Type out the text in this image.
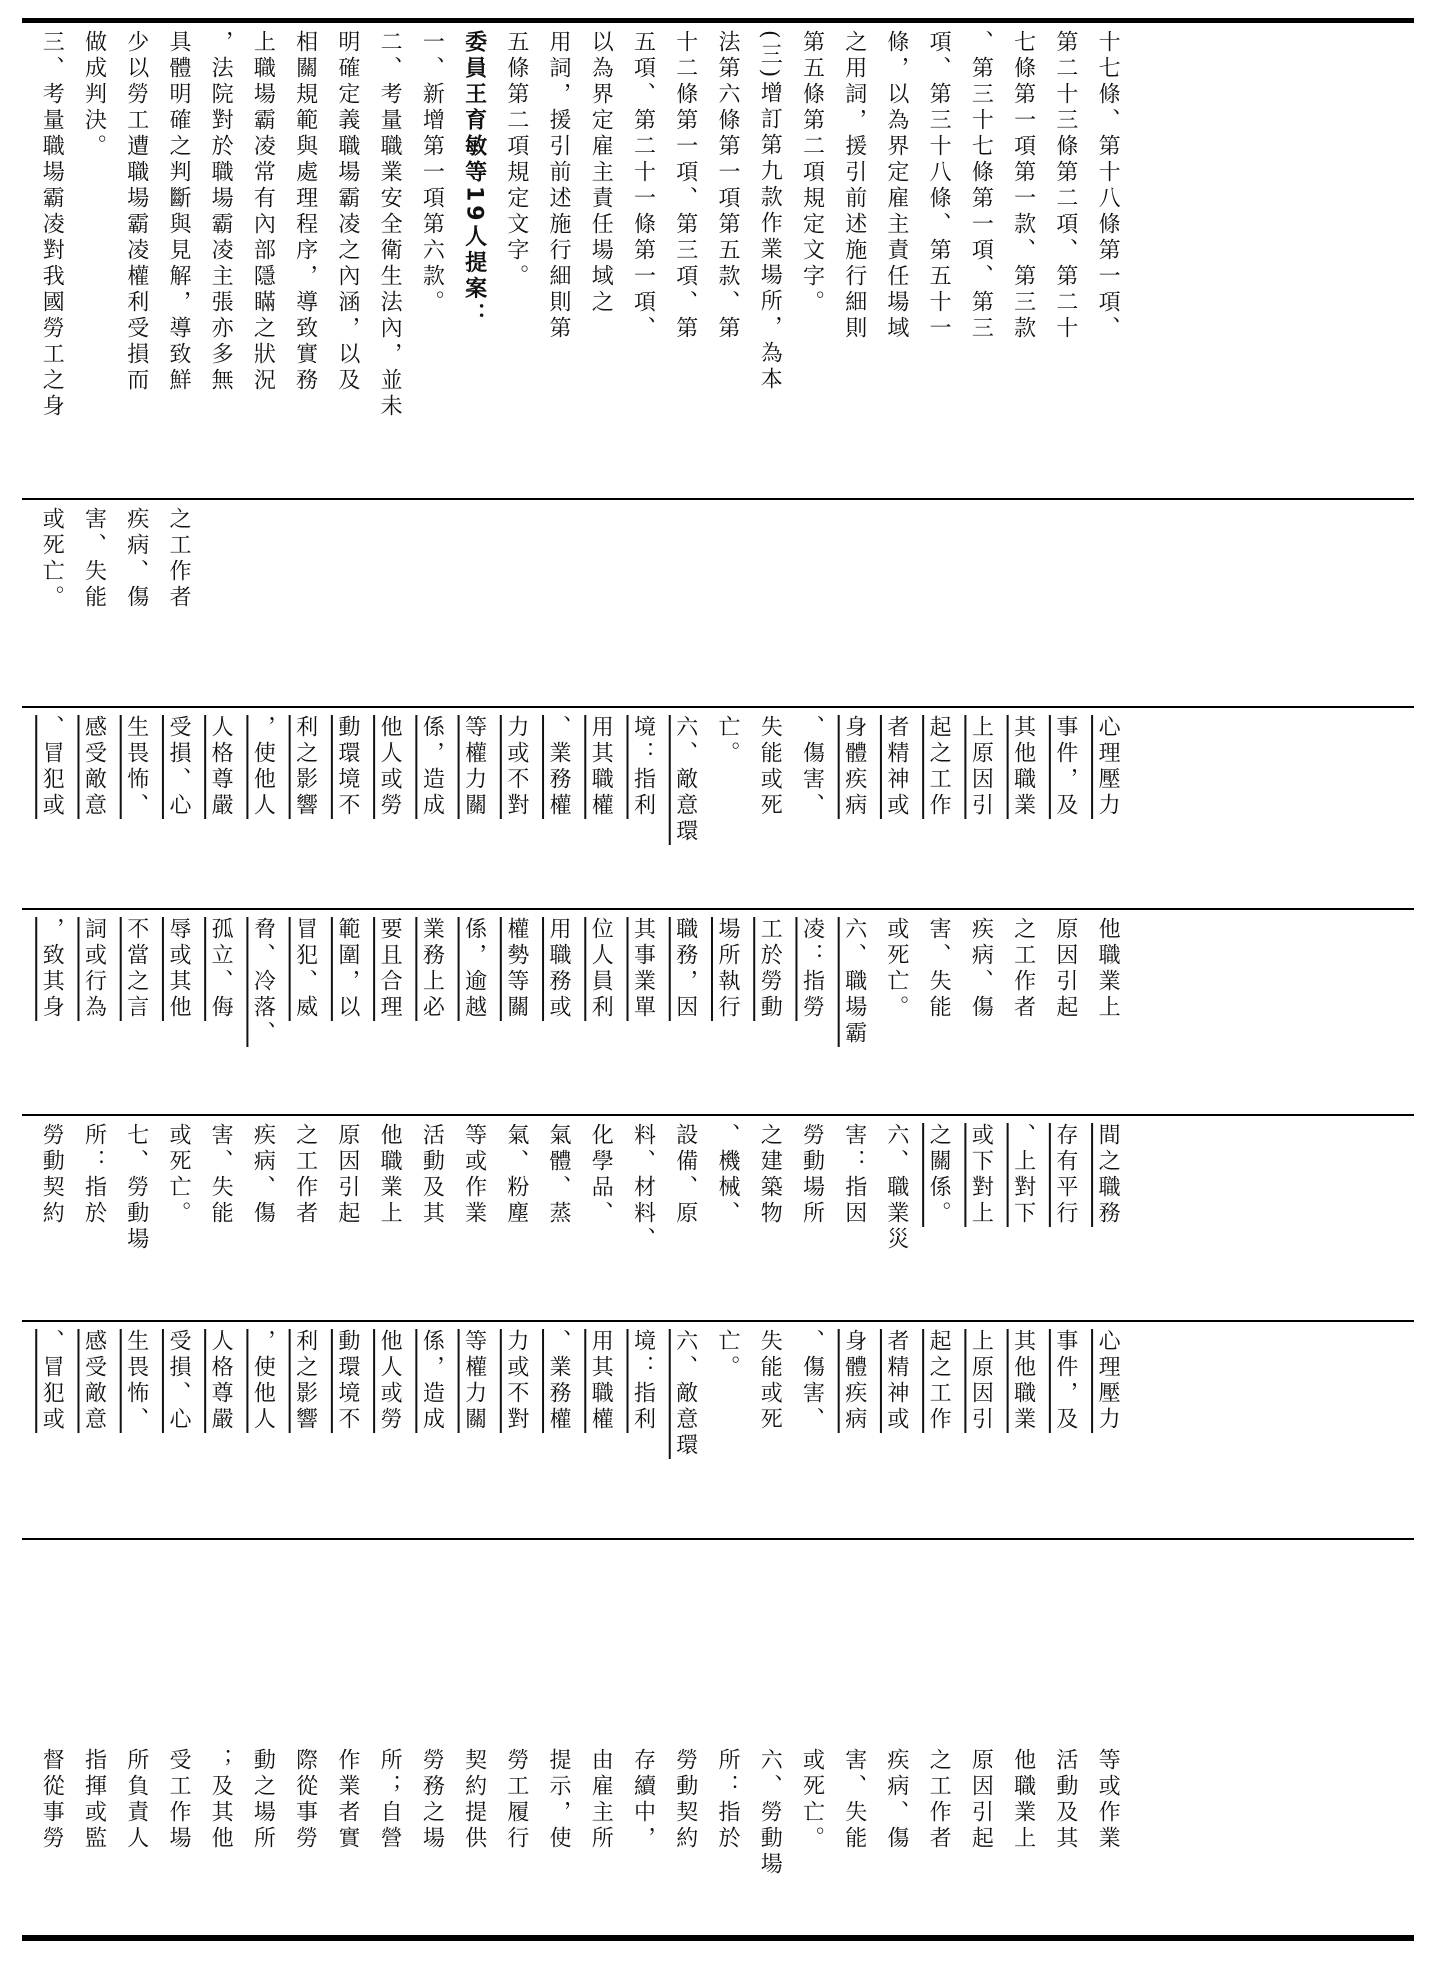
十七條、第十八條第一項、
第二十三條第二項、第二十
七條第一項第一款、第三款
、第三十七條第一項、第三
項、第三十八條、第五十一
條，以為界定雇主責任場域
之用詞，援引前述施行細則
第五條第二項規定文字。
(三)增訂第九款作業場所，為本
法第六條第一項第五款、第
十二條第一項、第三項、第
五項、第二十一條第一項、
以為界定雇主責任場域之
用詞，援引前述施行細則第
五條第二項規定文字。
委員王育敏等19人提案：
一、新增第一項第六款。
二、考量職業安全衛生法內，並未
明確定義職場霸凌之內涵，以及
相關規範與處理程序，導致實務
上職場霸凌常有內部隱瞞之狀況
，法院對於職場霸凌主張亦多無
具體明確之判斷與見解，導致鮮
少以勞工遭職場霸凌權利受損而
做成判決。
三、考量職場霸凌對我國勞工之身
之工作者
疾病、傷
害、失能
或死亡。
心理壓力
事件，及
其他職業
上原因引
起之工作
者精神或
身體疾病
、傷害、
失能或死
亡。
六、敵意環
境：指利
用其職權
、業務權
力或不對
等權力關
係，造成
他人或勞
動環境不
利之影響
，使他人
人格尊嚴
受損、心
生畏怖、
感受敵意
、冒犯或
他職業上
原因引起
之工作者
疾病、傷
害、失能
或死亡。
六、職場霸
凌：指勞
工於勞動
場所執行
職務，因
其事業單
位人員利
用職務或
權勢等關
係，逾越
業務上必
要且合理
範圍，以
冒犯、威
脅、冷落、
孤立、侮
辱或其他
不當之言
詞或行為
，致其身
間之職務
存有平行
、上對下
或下對上
之關係。
六、職業災
害：指因
勞動場所
之建築物
、機械、
設備、原
料、材料、
化學品、
氣體、蒸
氣、粉塵
等或作業
活動及其
他職業上
原因引起
之工作者
疾病、傷
害、失能
或死亡。
七、勞動場
所：指於
勞動契約
心理壓力
事件，及
其他職業
上原因引
起之工作
者精神或
身體疾病
、傷害、
失能或死
亡。
六、敵意環
境：指利
用其職權
、業務權
力或不對
等權力關
係，造成
他人或勞
動環境不
利之影響
，使他人
人格尊嚴
受損、心
生畏怖、
感受敵意
、冒犯或
等或作業
活動及其
他職業上
原因引起
之工作者
疾病、傷
害、失能
或死亡。
六、勞動場
所：指於
勞動契約
存續中，
由雇主所
提示，使
勞工履行
契約提供
勞務之場
所；自營
作業者實
際從事勞
動之場所
；及其他
受工作場
所負責人
指揮或監
督從事勞
